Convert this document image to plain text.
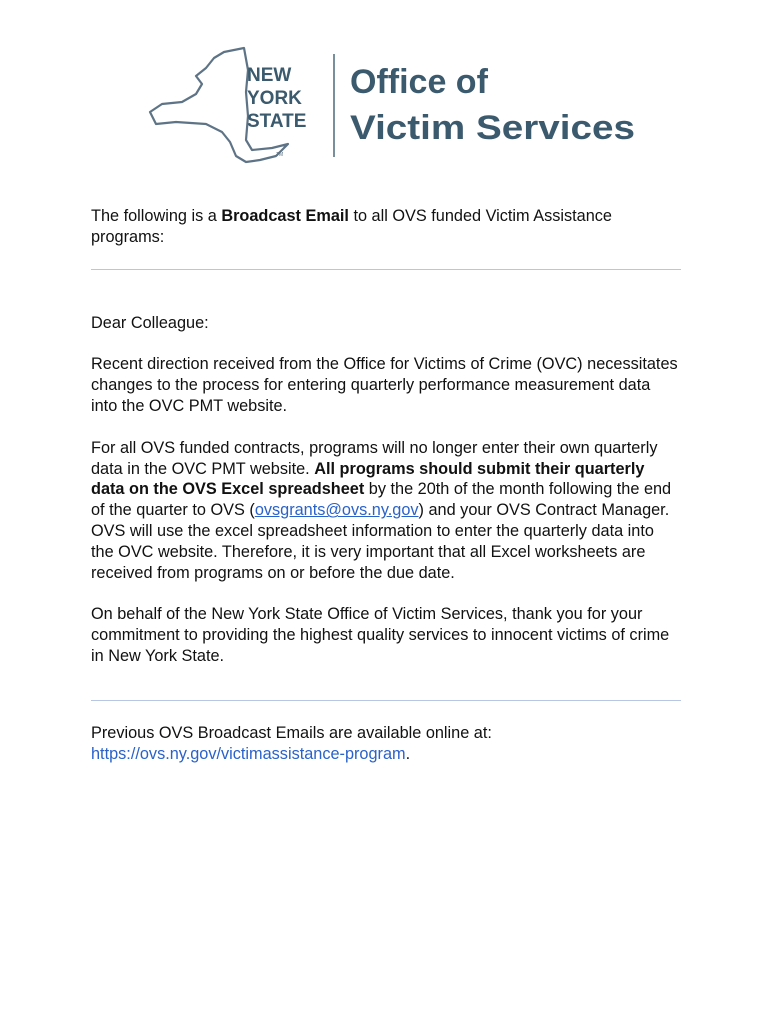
NEW
YORK
STATE
TM
Office of
Victim Services

The following is a Broadcast Email to all OVS funded Victim Assistance programs:

Dear Colleague:

Recent direction received from the Office for Victims of Crime (OVC) necessitates changes to the process for entering quarterly performance measurement data into the OVC PMT website.

For all OVS funded contracts, programs will no longer enter their own quarterly data in the OVC PMT website. All programs should submit their quarterly data on the OVS Excel spreadsheet by the 20th of the month following the end of the quarter to OVS (ovsgrants@ovs.ny.gov) and your OVS Contract Manager. OVS will use the excel spreadsheet information to enter the quarterly data into the OVC website. Therefore, it is very important that all Excel worksheets are received from programs on or before the due date.

On behalf of the New York State Office of Victim Services, thank you for your commitment to providing the highest quality services to innocent victims of crime in New York State.

Previous OVS Broadcast Emails are available online at:
https://ovs.ny.gov/victimassistance-program.
